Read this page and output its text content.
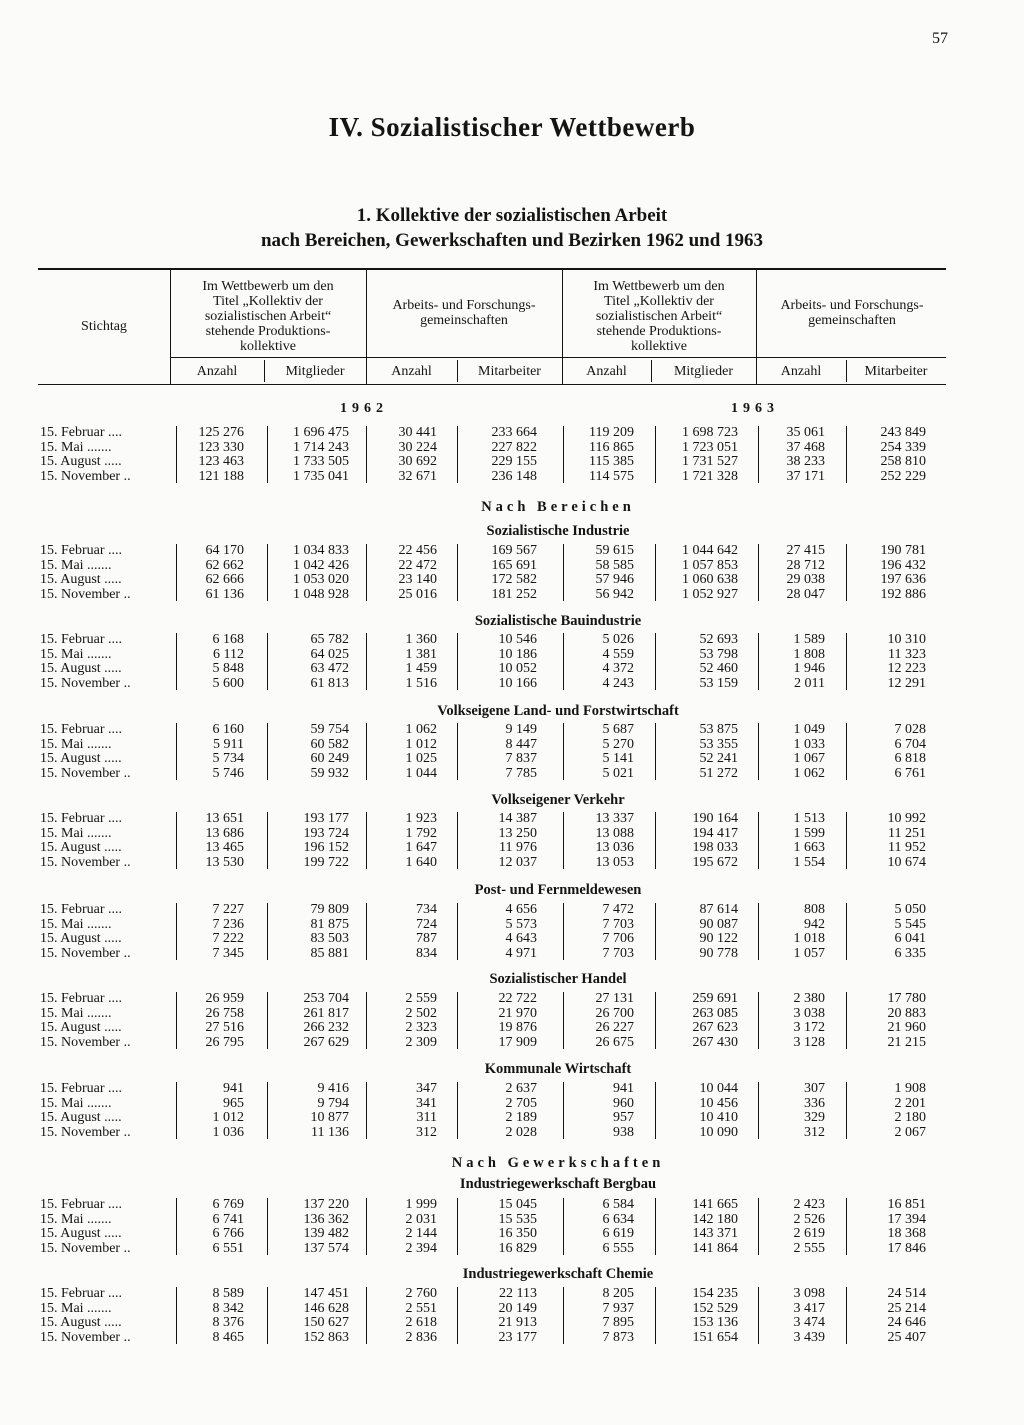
57
IV. Sozialistischer Wettbewerb
1. Kollektive der sozialistischen Arbeit
nach Bereichen, Gewerkschaften und Bezirken 1962 und 1963
Stichtag
Im Wettbewerb um den
Titel „Kollektiv der
sozialistischen Arbeit“
stehende Produktions-
kollektive
Arbeits- und Forschungs-
gemeinschaften
Im Wettbewerb um den
Titel „Kollektiv der
sozialistischen Arbeit“
stehende Produktions-
kollektive
Arbeits- und Forschungs-
gemeinschaften
Anzahl	Mitglieder	Anzahl	Mitarbeiter	Anzahl	Mitglieder	Anzahl	Mitarbeiter
1962	1963
15. Februar ....	125 276	1 696 475	30 441	233 664	119 209	1 698 723	35 061	243 849
15. Mai .......	123 330	1 714 243	30 224	227 822	116 865	1 723 051	37 468	254 339
15. August .....	123 463	1 733 505	30 692	229 155	115 385	1 731 527	38 233	258 810
15. November ..	121 188	1 735 041	32 671	236 148	114 575	1 721 328	37 171	252 229
Nach Bereichen
Sozialistische Industrie
15. Februar ....	64 170	1 034 833	22 456	169 567	59 615	1 044 642	27 415	190 781
15. Mai .......	62 662	1 042 426	22 472	165 691	58 585	1 057 853	28 712	196 432
15. August .....	62 666	1 053 020	23 140	172 582	57 946	1 060 638	29 038	197 636
15. November ..	61 136	1 048 928	25 016	181 252	56 942	1 052 927	28 047	192 886
Sozialistische Bauindustrie
15. Februar ....	6 168	65 782	1 360	10 546	5 026	52 693	1 589	10 310
15. Mai .......	6 112	64 025	1 381	10 186	4 559	53 798	1 808	11 323
15. August .....	5 848	63 472	1 459	10 052	4 372	52 460	1 946	12 223
15. November ..	5 600	61 813	1 516	10 166	4 243	53 159	2 011	12 291
Volkseigene Land- und Forstwirtschaft
15. Februar ....	6 160	59 754	1 062	9 149	5 687	53 875	1 049	7 028
15. Mai .......	5 911	60 582	1 012	8 447	5 270	53 355	1 033	6 704
15. August .....	5 734	60 249	1 025	7 837	5 141	52 241	1 067	6 818
15. November ..	5 746	59 932	1 044	7 785	5 021	51 272	1 062	6 761
Volkseigener Verkehr
15. Februar ....	13 651	193 177	1 923	14 387	13 337	190 164	1 513	10 992
15. Mai .......	13 686	193 724	1 792	13 250	13 088	194 417	1 599	11 251
15. August .....	13 465	196 152	1 647	11 976	13 036	198 033	1 663	11 952
15. November ..	13 530	199 722	1 640	12 037	13 053	195 672	1 554	10 674
Post- und Fernmeldewesen
15. Februar ....	7 227	79 809	734	4 656	7 472	87 614	808	5 050
15. Mai .......	7 236	81 875	724	5 573	7 703	90 087	942	5 545
15. August .....	7 222	83 503	787	4 643	7 706	90 122	1 018	6 041
15. November ..	7 345	85 881	834	4 971	7 703	90 778	1 057	6 335
Sozialistischer Handel
15. Februar ....	26 959	253 704	2 559	22 722	27 131	259 691	2 380	17 780
15. Mai .......	26 758	261 817	2 502	21 970	26 700	263 085	3 038	20 883
15. August .....	27 516	266 232	2 323	19 876	26 227	267 623	3 172	21 960
15. November ..	26 795	267 629	2 309	17 909	26 675	267 430	3 128	21 215
Kommunale Wirtschaft
15. Februar ....	941	9 416	347	2 637	941	10 044	307	1 908
15. Mai .......	965	9 794	341	2 705	960	10 456	336	2 201
15. August .....	1 012	10 877	311	2 189	957	10 410	329	2 180
15. November ..	1 036	11 136	312	2 028	938	10 090	312	2 067
Nach Gewerkschaften
Industriegewerkschaft Bergbau
15. Februar ....	6 769	137 220	1 999	15 045	6 584	141 665	2 423	16 851
15. Mai .......	6 741	136 362	2 031	15 535	6 634	142 180	2 526	17 394
15. August .....	6 766	139 482	2 144	16 350	6 619	143 371	2 619	18 368
15. November ..	6 551	137 574	2 394	16 829	6 555	141 864	2 555	17 846
Industriegewerkschaft Chemie
15. Februar ....	8 589	147 451	2 760	22 113	8 205	154 235	3 098	24 514
15. Mai .......	8 342	146 628	2 551	20 149	7 937	152 529	3 417	25 214
15. August .....	8 376	150 627	2 618	21 913	7 895	153 136	3 474	24 646
15. November ..	8 465	152 863	2 836	23 177	7 873	151 654	3 439	25 407
